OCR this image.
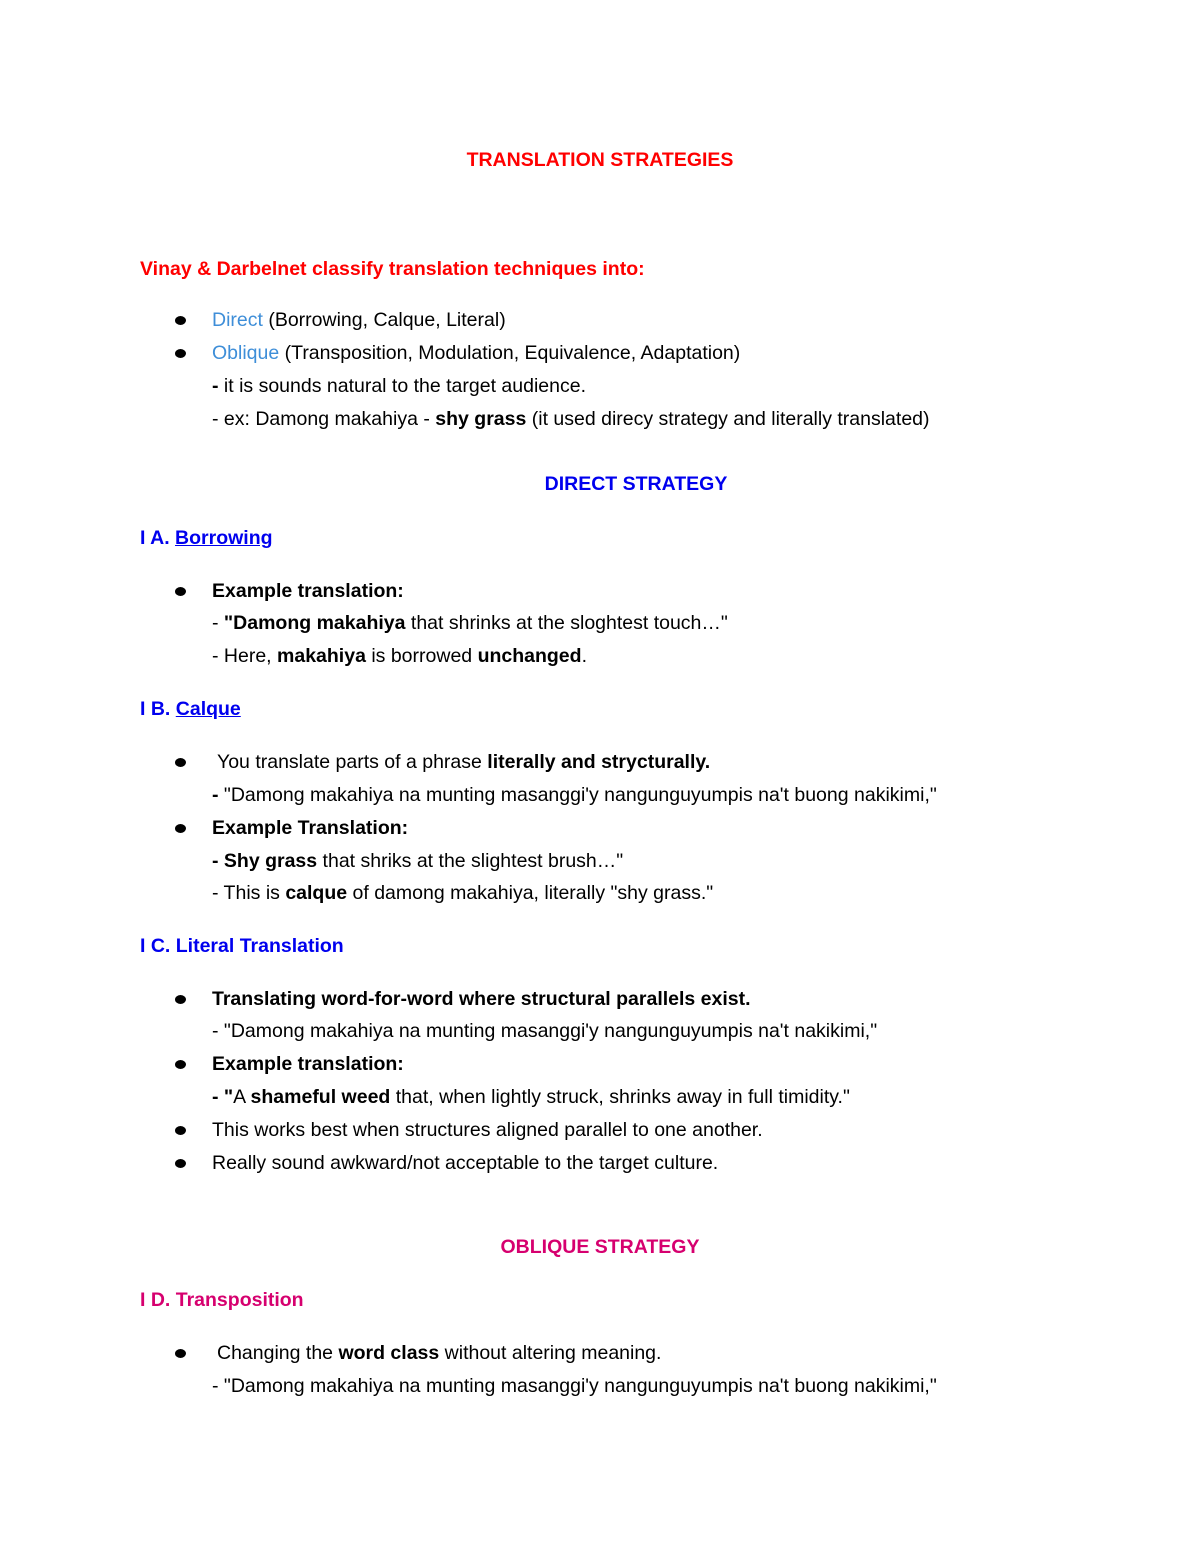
TRANSLATION STRATEGIES
Vinay & Darbelnet classify translation techniques into:
Direct (Borrowing, Calque, Literal)
Oblique (Transposition, Modulation, Equivalence, Adaptation)
- it is sounds natural to the target audience.
- ex: Damong makahiya - shy grass (it used direcy strategy and literally translated)
DIRECT STRATEGY
I A. Borrowing
Example translation:
- "Damong makahiya that shrinks at the sloghtest touch…"
- Here, makahiya is borrowed unchanged.
I B. Calque
You translate parts of a phrase literally and strycturally.
- "Damong makahiya na munting masanggi'y nangunguyumpis na't buong nakikimi,"
Example Translation:
- Shy grass that shriks at the slightest brush…"
- This is calque of damong makahiya, literally "shy grass."
I C. Literal Translation
Translating word-for-word where structural parallels exist.
- "Damong makahiya na munting masanggi'y nangunguyumpis na't nakikimi,"
Example translation:
- "A shameful weed that, when lightly struck, shrinks away in full timidity."
This works best when structures aligned parallel to one another.
Really sound awkward/not acceptable to the target culture.
OBLIQUE STRATEGY
I D. Transposition
Changing the word class without altering meaning.
- "Damong makahiya na munting masanggi'y nangunguyumpis na't buong nakikimi,"
